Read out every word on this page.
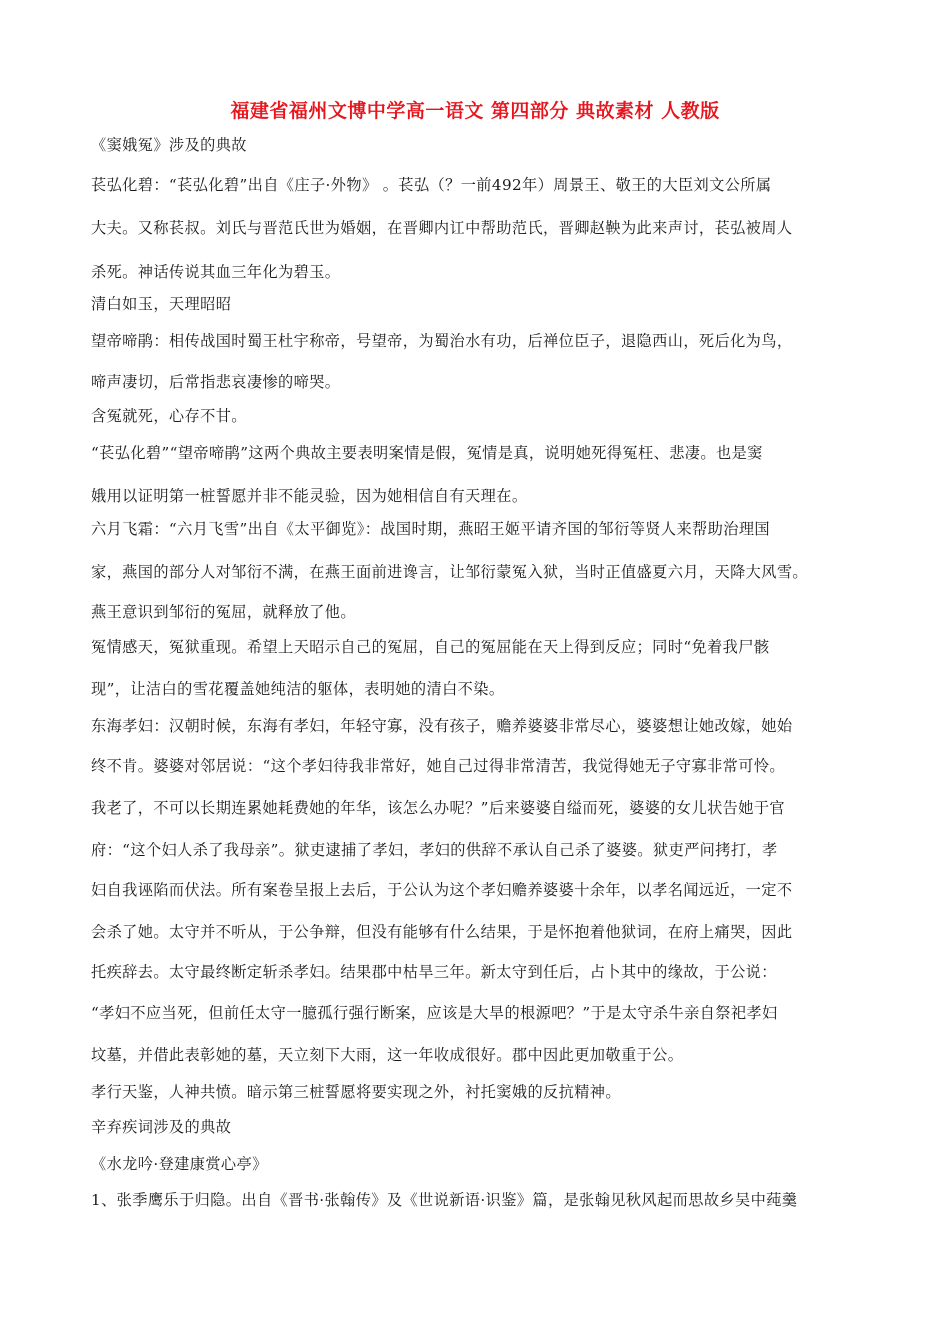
福建省福州文博中学高一语文 第四部分 典故素材 人教版
《窦娥冤》涉及的典故
苌弘化碧：“苌弘化碧”出自《庄子·外物》 。苌弘（？一前492年）周景王、敬王的大臣刘文公所属
大夫。又称苌叔。刘氏与晋范氏世为婚姻，在晋卿内讧中帮助范氏，晋卿赵鞅为此来声讨，苌弘被周人
杀死。神话传说其血三年化为碧玉。
清白如玉，天理昭昭
望帝啼鹃：相传战国时蜀王杜宇称帝，号望帝，为蜀治水有功，后禅位臣子，退隐西山，死后化为鸟，
啼声凄切，后常指悲哀凄惨的啼哭。
含冤就死，心存不甘。
“苌弘化碧”“望帝啼鹃”这两个典故主要表明案情是假，冤情是真，说明她死得冤枉、悲凄。也是窦
娥用以证明第一桩誓愿并非不能灵验，因为她相信自有天理在。
六月飞霜：“六月飞雪”出自《太平御览》：战国时期，燕昭王姬平请齐国的邹衍等贤人来帮助治理国
家，燕国的部分人对邹衍不满，在燕王面前进谗言，让邹衍蒙冤入狱，当时正值盛夏六月，天降大风雪。
燕王意识到邹衍的冤屈，就释放了他。
冤情感天，冤狱重现。希望上天昭示自己的冤屈，自己的冤屈能在天上得到反应；同时“免着我尸骸
现”，让洁白的雪花覆盖她纯洁的躯体，表明她的清白不染。
东海孝妇：汉朝时候，东海有孝妇，年轻守寡，没有孩子，赡养婆婆非常尽心，婆婆想让她改嫁，她始
终不肯。婆婆对邻居说：“这个孝妇待我非常好，她自己过得非常清苦，我觉得她无子守寡非常可怜。
我老了，不可以长期连累她耗费她的年华，该怎么办呢？”后来婆婆自缢而死，婆婆的女儿状告她于官
府：“这个妇人杀了我母亲”。狱吏逮捕了孝妇，孝妇的供辞不承认自己杀了婆婆。狱吏严问拷打，孝
妇自我诬陷而伏法。所有案卷呈报上去后，于公认为这个孝妇赡养婆婆十余年，以孝名闻远近，一定不
会杀了她。太守并不听从，于公争辩，但没有能够有什么结果，于是怀抱着他狱词，在府上痛哭，因此
托疾辞去。太守最终断定斩杀孝妇。结果郡中枯旱三年。新太守到任后，占卜其中的缘故，于公说：
“孝妇不应当死，但前任太守一臆孤行强行断案，应该是大旱的根源吧？”于是太守杀牛亲自祭祀孝妇
坟墓，并借此表彰她的墓，天立刻下大雨，这一年收成很好。郡中因此更加敬重于公。
孝行天鉴，人神共愤。暗示第三桩誓愿将要实现之外，衬托窦娥的反抗精神。
辛弃疾词涉及的典故
《水龙吟·登建康赏心亭》
1、张季鹰乐于归隐。出自《晋书·张翰传》及《世说新语·识鉴》篇，是张翰见秋风起而思故乡吴中莼羹
